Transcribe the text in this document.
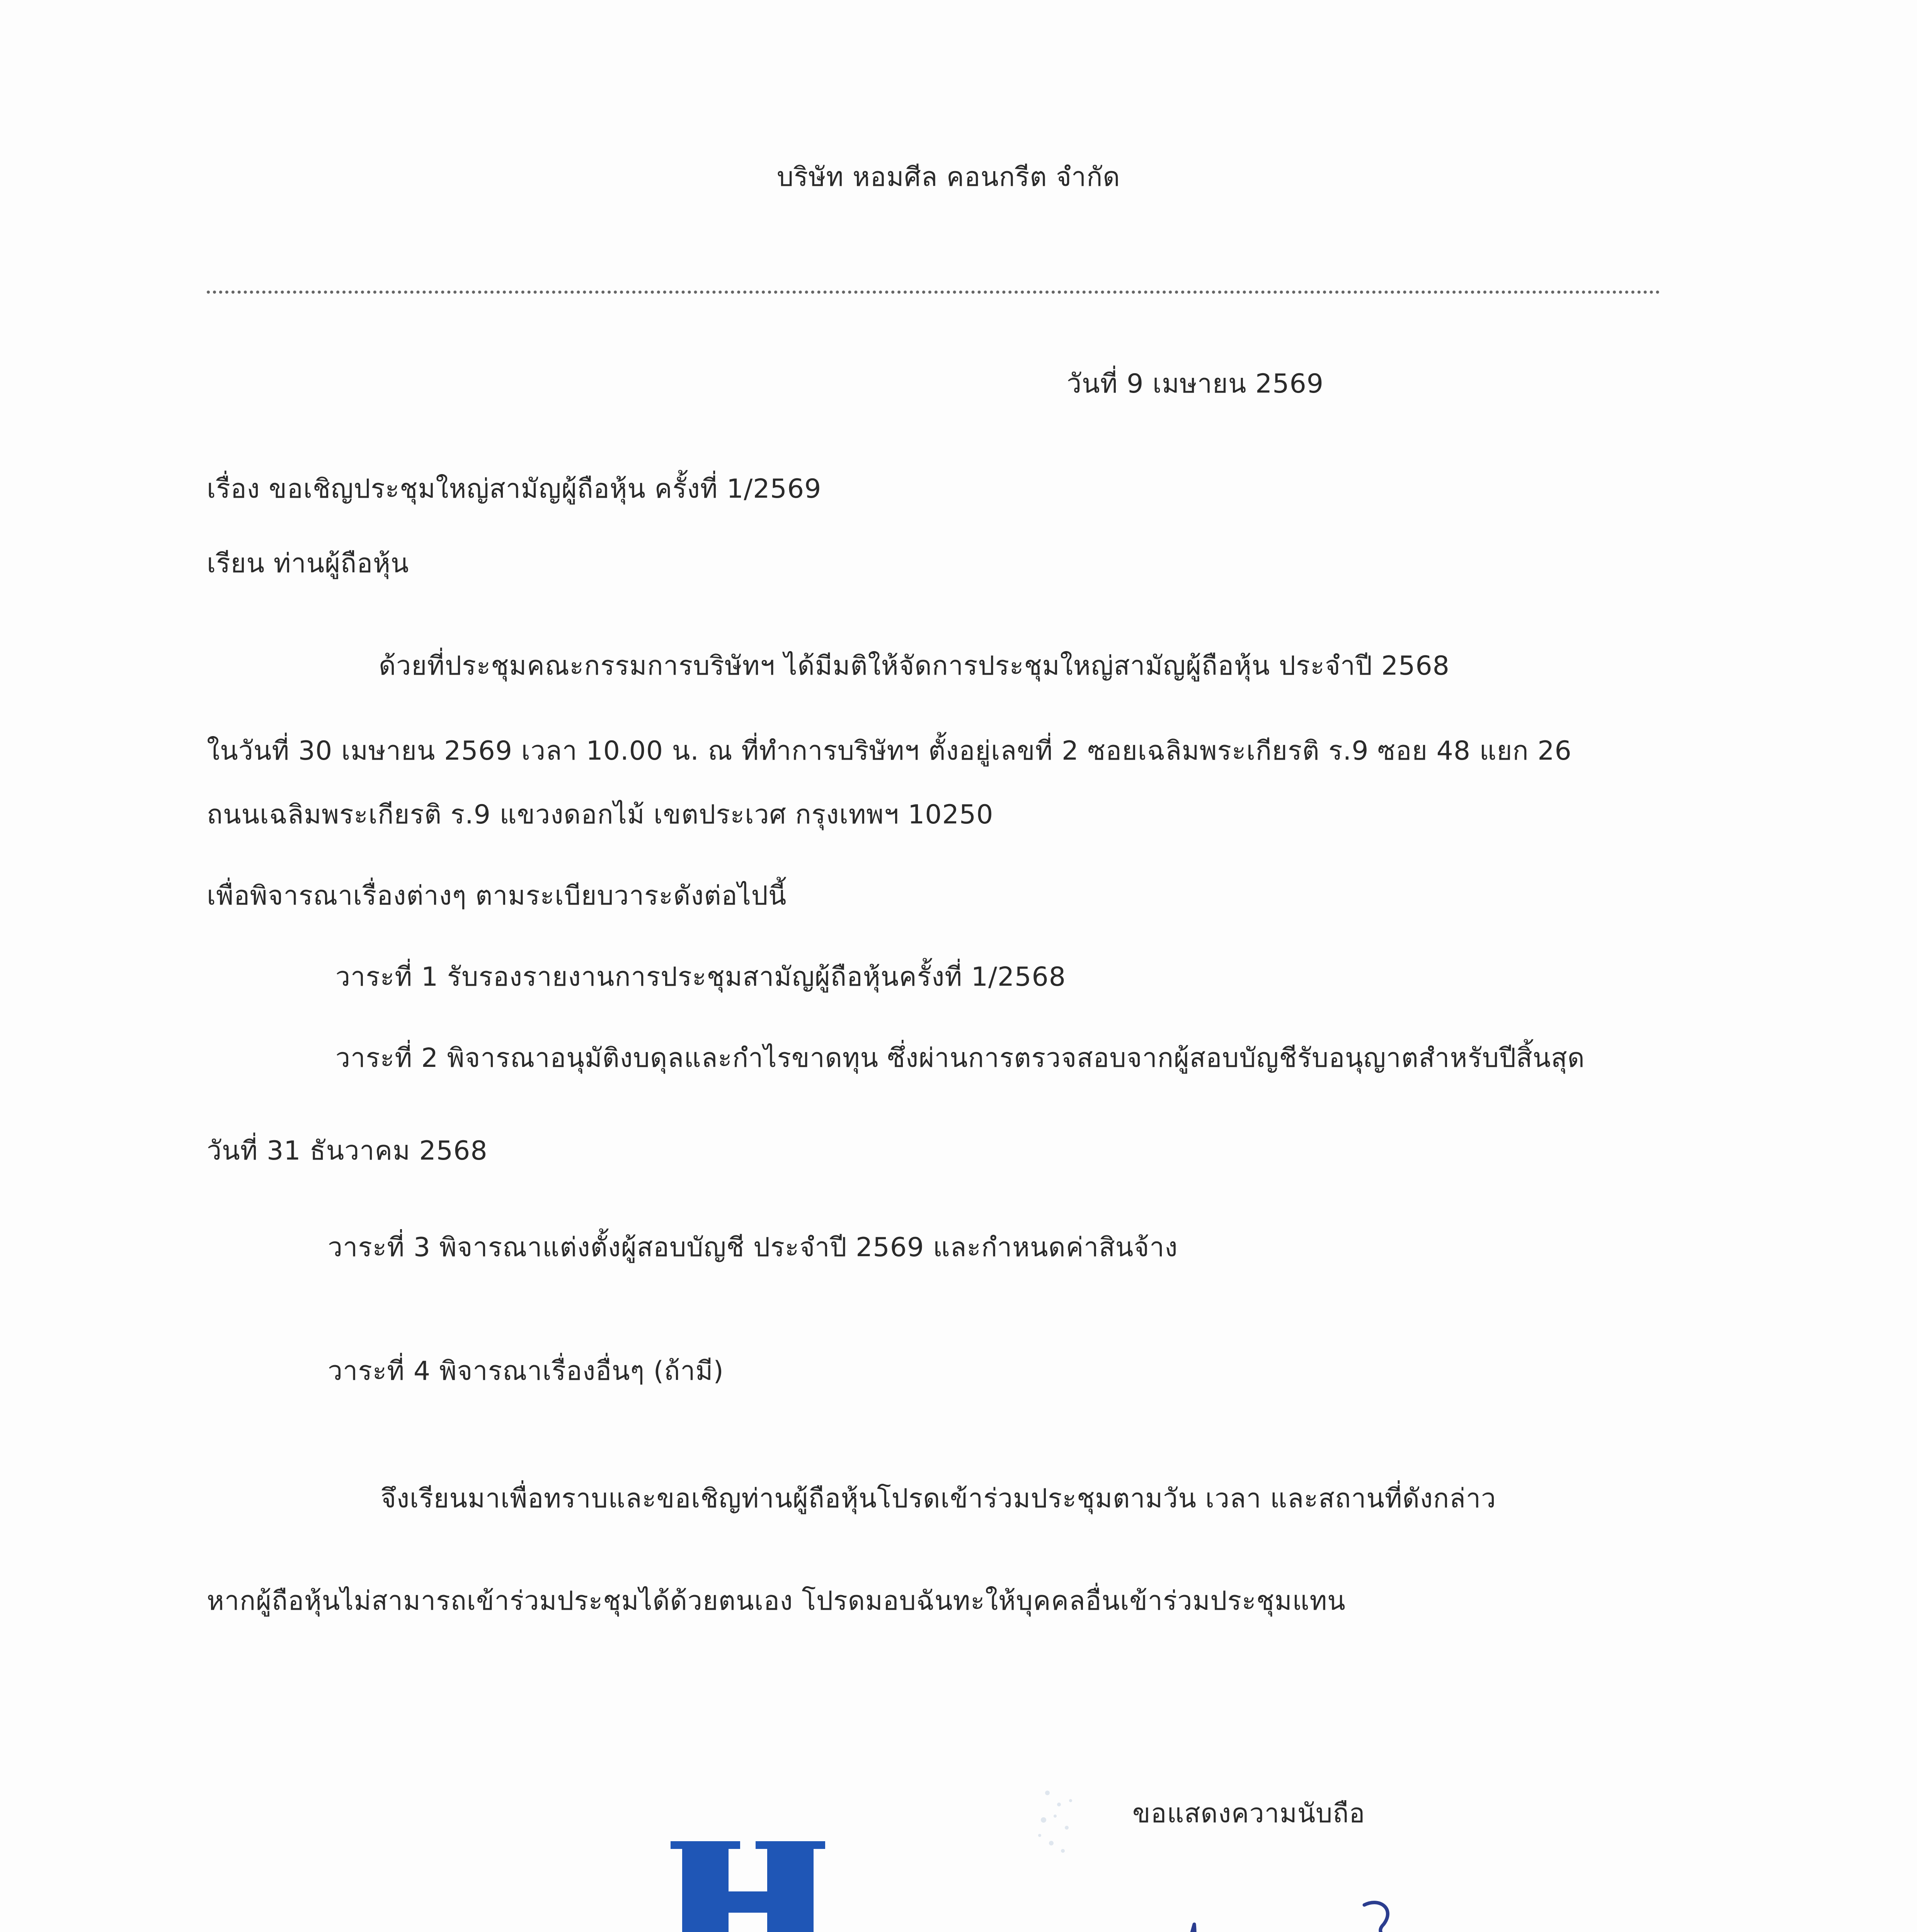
บริษัท หอมศีล คอนกรีต จำกัด
วันที่ 9 เมษายน 2569
เรื่อง ขอเชิญประชุมใหญ่สามัญผู้ถือหุ้น ครั้งที่ 1/2569
เรียน ท่านผู้ถือหุ้น
ด้วยที่ประชุมคณะกรรมการบริษัทฯ ได้มีมติให้จัดการประชุมใหญ่สามัญผู้ถือหุ้น ประจำปี 2568
ในวันที่ 30 เมษายน 2569 เวลา 10.00 น. ณ ที่ทำการบริษัทฯ ตั้งอยู่เลขที่ 2 ซอยเฉลิมพระเกียรติ ร.9 ซอย 48 แยก 26
ถนนเฉลิมพระเกียรติ ร.9 แขวงดอกไม้ เขตประเวศ กรุงเทพฯ 10250
เพื่อพิจารณาเรื่องต่างๆ ตามระเบียบวาระดังต่อไปนี้
วาระที่ 1 รับรองรายงานการประชุมสามัญผู้ถือหุ้นครั้งที่ 1/2568
วาระที่ 2 พิจารณาอนุมัติงบดุลและกำไรขาดทุน ซึ่งผ่านการตรวจสอบจากผู้สอบบัญชีรับอนุญาตสำหรับปีสิ้นสุด
วันที่ 31 ธันวาคม 2568
วาระที่ 3 พิจารณาแต่งตั้งผู้สอบบัญชี ประจำปี 2569 และกำหนดค่าสินจ้าง
วาระที่ 4 พิจารณาเรื่องอื่นๆ (ถ้ามี)
จึงเรียนมาเพื่อทราบและขอเชิญท่านผู้ถือหุ้นโปรดเข้าร่วมประชุมตามวัน เวลา และสถานที่ดังกล่าว
หากผู้ถือหุ้นไม่สามารถเข้าร่วมประชุมได้ด้วยตนเอง โปรดมอบฉันทะให้บุคคลอื่นเข้าร่วมประชุมแทน
ขอแสดงความนับถือ
